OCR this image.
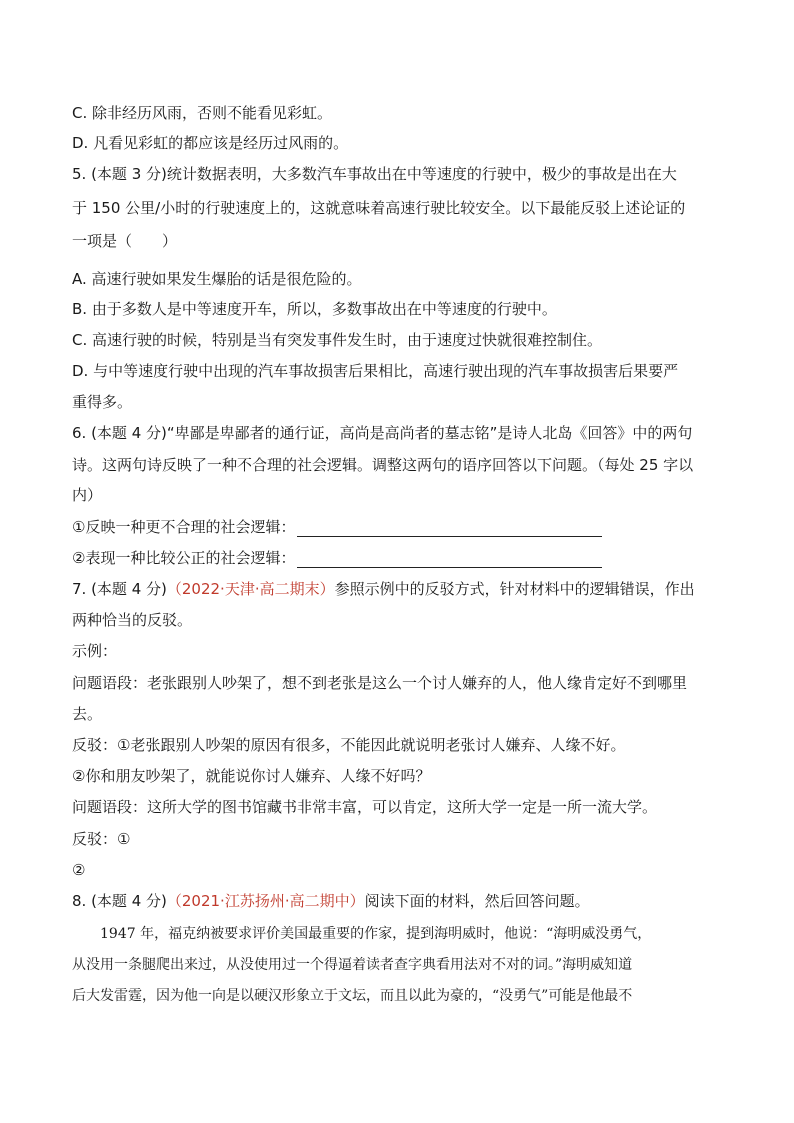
C. 除非经历风雨，否则不能看见彩虹。
D. 凡看见彩虹的都应该是经历过风雨的。
5. (本题 3 分)统计数据表明，大多数汽车事故出在中等速度的行驶中，极少的事故是出在大
于 150 公里/小时的行驶速度上的，这就意味着高速行驶比较安全。以下最能反驳上述论证的
一项是（　　）
A. 高速行驶如果发生爆胎的话是很危险的。
B. 由于多数人是中等速度开车，所以，多数事故出在中等速度的行驶中。
C. 高速行驶的时候，特别是当有突发事件发生时，由于速度过快就很难控制住。
D. 与中等速度行驶中出现的汽车事故损害后果相比，高速行驶出现的汽车事故损害后果要严
重得多。
6. (本题 4 分)“卑鄙是卑鄙者的通行证，高尚是高尚者的墓志铭”是诗人北岛《回答》中的两句
诗。这两句诗反映了一种不合理的社会逻辑。调整这两句的语序回答以下问题。（每处 25 字以
内）
①反映一种更不合理的社会逻辑：
②表现一种比较公正的社会逻辑：
7. (本题 4 分)（2022·天津·高二期末）参照示例中的反驳方式，针对材料中的逻辑错误，作出
两种恰当的反驳。
示例：
问题语段：老张跟别人吵架了，想不到老张是这么一个讨人嫌弃的人，他人缘肯定好不到哪里
去。
反驳：①老张跟别人吵架的原因有很多，不能因此就说明老张讨人嫌弃、人缘不好。
②你和朋友吵架了，就能说你讨人嫌弃、人缘不好吗？
问题语段：这所大学的图书馆藏书非常丰富，可以肯定，这所大学一定是一所一流大学。
反驳：①
②
8. (本题 4 分)（2021·江苏扬州·高二期中）阅读下面的材料，然后回答问题。
　　1947 年，福克纳被要求评价美国最重要的作家，提到海明威时，他说：“海明威没勇气，
从没用一条腿爬出来过，从没使用过一个得逼着读者查字典看用法对不对的词。”海明威知道
后大发雷霆，因为他一向是以硬汉形象立于文坛，而且以此为豪的，“没勇气”可能是他最不
